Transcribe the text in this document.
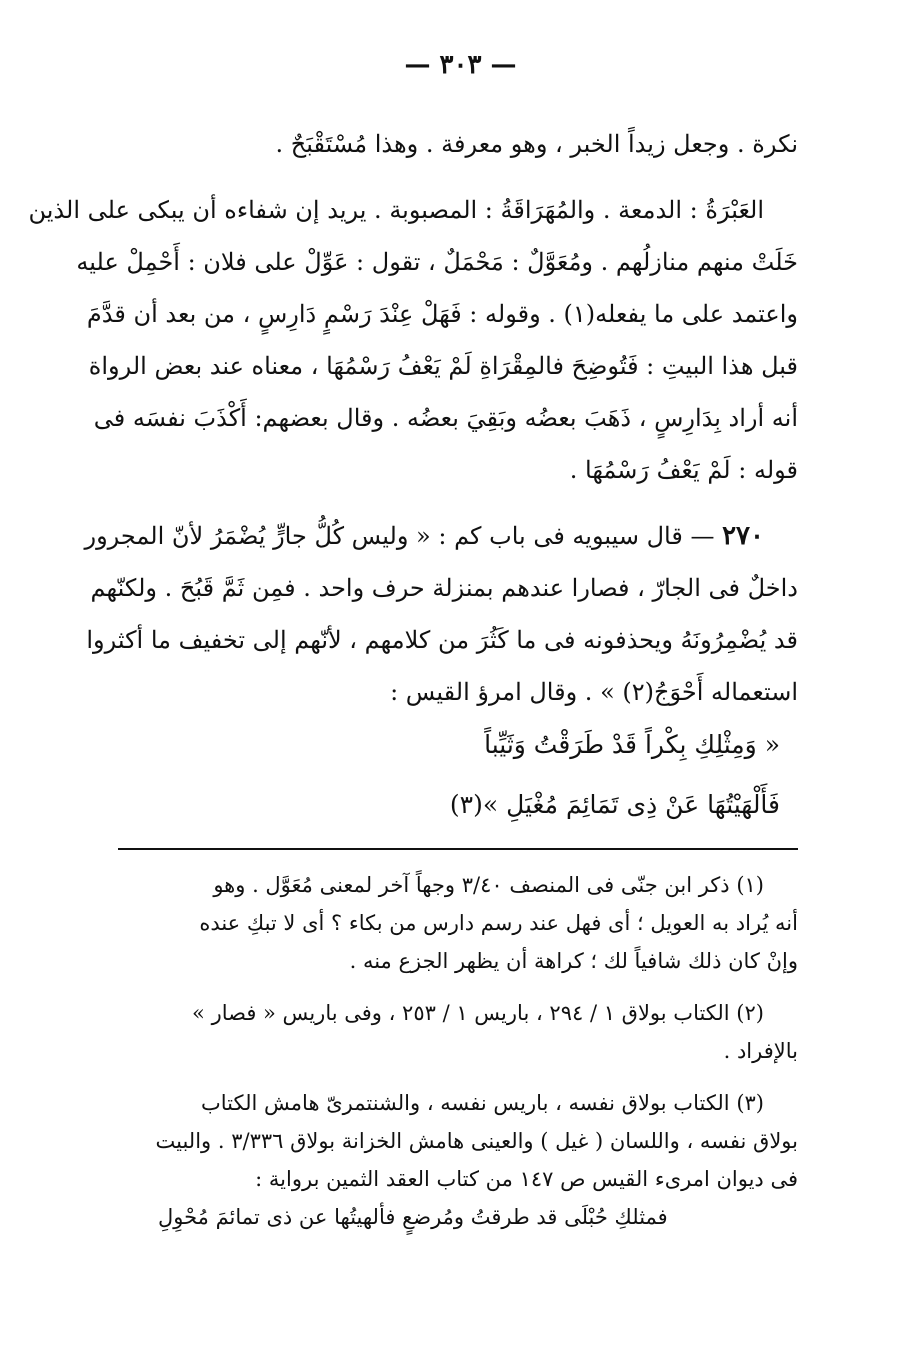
— ٣٠٣ —
نكرة . وجعل زيداً الخبر ، وهو معرفة . وهذا مُسْتَقْبَحٌ .
العَبْرَةُ : الدمعة . والمُهَرَاقَةُ : المصبوبة . يريد إن شفاءه أن يبكى على الذين
خَلَتْ منهم منازلُهم . ومُعَوَّلٌ : مَحْمَلٌ ، تقول : عَوِّلْ على فلان : أَحْمِلْ عليه
واعتمد على ما يفعله(١) . وقوله : فَهَلْ عِنْدَ رَسْمٍ دَارِسٍ ، من بعد أن قدَّمَ
قبل هذا البيتِ : فَتُوضِحَ فالمِقْرَاةِ لَمْ يَعْفُ رَسْمُهَا ، معناه عند بعض الرواة
أنه أراد بِدَارِسٍ ، ذَهَبَ بعضُه وبَقِيَ بعضُه . وقال بعضهم: أَكْذَبَ نفسَه فى
قوله : لَمْ يَعْفُ رَسْمُهَا .
٢٧٠ — قال سيبويه فى باب كم : « وليس كُلُّ جارٍّ يُضْمَرُ لأنّ المجرور
داخلٌ فى الجارّ ، فصارا عندهم بمنزلة حرف واحد . فمِن ثَمَّ قَبُحَ . ولكنّهم
قد يُضْمِرُونَهُ ويحذفونه فى ما كَثُرَ من كلامهم ، لأنّهم إلى تخفيف ما أكثروا
استعماله أَحْوَجُ(٢) » . وقال امرؤ القيس :
« وَمِثْلِكِ بِكْراً قَدْ طَرَقْتُ وَثَيِّباً
فَأَلْهَيْتُهَا عَنْ ذِى تَمَائِمَ مُغْيَلِ »(٣)
(١) ذكر ابن جنّى فى المنصف ٣/٤٠ وجهاً آخر لمعنى مُعَوَّل . وهو
أنه يُراد به العويل ؛ أى فهل عند رسم دارس من بكاء ؟ أى لا تبكِ عنده
وإنْ كان ذلك شافياً لك ؛ كراهة أن يظهر الجزع منه .
(٢) الكتاب بولاق ١ / ٢٩٤ ، باريس ١ / ٢٥٣ ، وفى باريس « فصار »
بالإفراد .
(٣) الكتاب بولاق نفسه ، باريس نفسه ، والشنتمرىّ هامش الكتاب
بولاق نفسه ، واللسان ( غيل ) والعينى هامش الخزانة بولاق ٣/٣٣٦ . والبيت
فى ديوان امرىء القيس ص ١٤٧ من كتاب العقد الثمين برواية :
فمثلكِ حُبْلَى قد طرقتُ ومُرضعٍ فألهيتُها عن ذى تمائمَ مُحْوِلِ
